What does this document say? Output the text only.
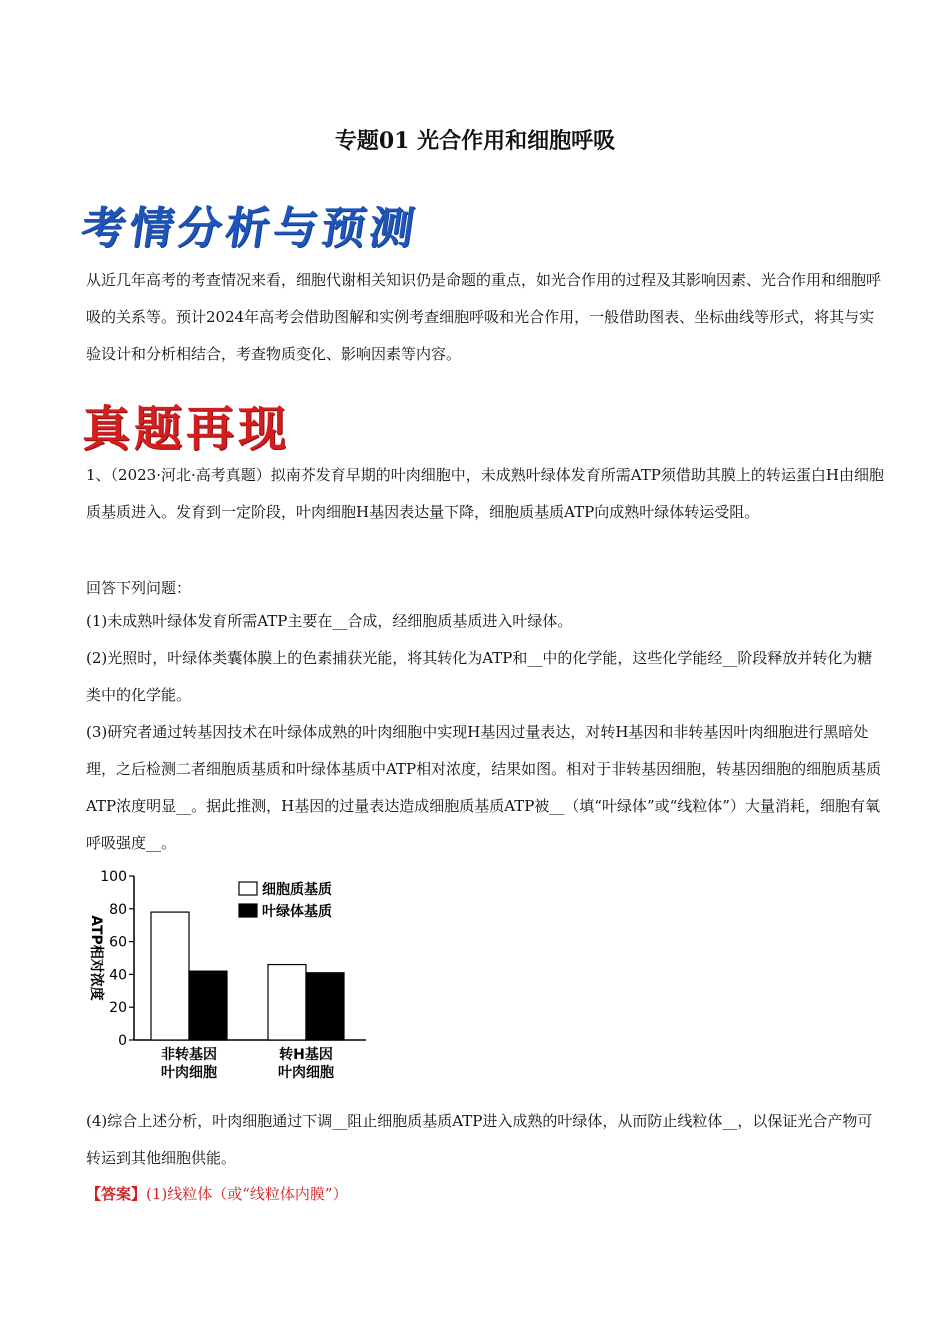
专题01 光合作用和细胞呼吸
考情分析与预测
从近几年高考的考查情况来看，细胞代谢相关知识仍是命题的重点，如光合作用的过程及其影响因素、光合作用和细胞呼吸的关系等。预计2024年高考会借助图解和实例考查细胞呼吸和光合作用，一般借助图表、坐标曲线等形式，将其与实验设计和分析相结合，考查物质变化、影响因素等内容。
真题再现
1、（2023·河北·高考真题）拟南芥发育早期的叶肉细胞中，未成熟叶绿体发育所需ATP须借助其膜上的转运蛋白H由细胞质基质进入。发育到一定阶段，叶肉细胞H基因表达量下降，细胞质基质ATP向成熟叶绿体转运受阻。
回答下列问题：
(1)未成熟叶绿体发育所需ATP主要在__合成，经细胞质基质进入叶绿体。
(2)光照时，叶绿体类囊体膜上的色素捕获光能，将其转化为ATP和__中的化学能，这些化学能经__阶段释放并转化为糖类中的化学能。
(3)研究者通过转基因技术在叶绿体成熟的叶肉细胞中实现H基因过量表达，对转H基因和非转基因叶肉细胞进行黑暗处理，之后检测二者细胞质基质和叶绿体基质中ATP相对浓度，结果如图。相对于非转基因细胞，转基因细胞的细胞质基质ATP浓度明显__。据此推测，H基因的过量表达造成细胞质基质ATP被__（填“叶绿体”或“线粒体”）大量消耗，细胞有氧呼吸强度__。
0
20
40
60
80
100
ATP相对浓度
非转基因
叶肉细胞
转H基因
叶肉细胞
细胞质基质
叶绿体基质
(4)综合上述分析，叶肉细胞通过下调__阻止细胞质基质ATP进入成熟的叶绿体，从而防止线粒体__，以保证光合产物可转运到其他细胞供能。
【答案】(1)线粒体（或“线粒体内膜”）
